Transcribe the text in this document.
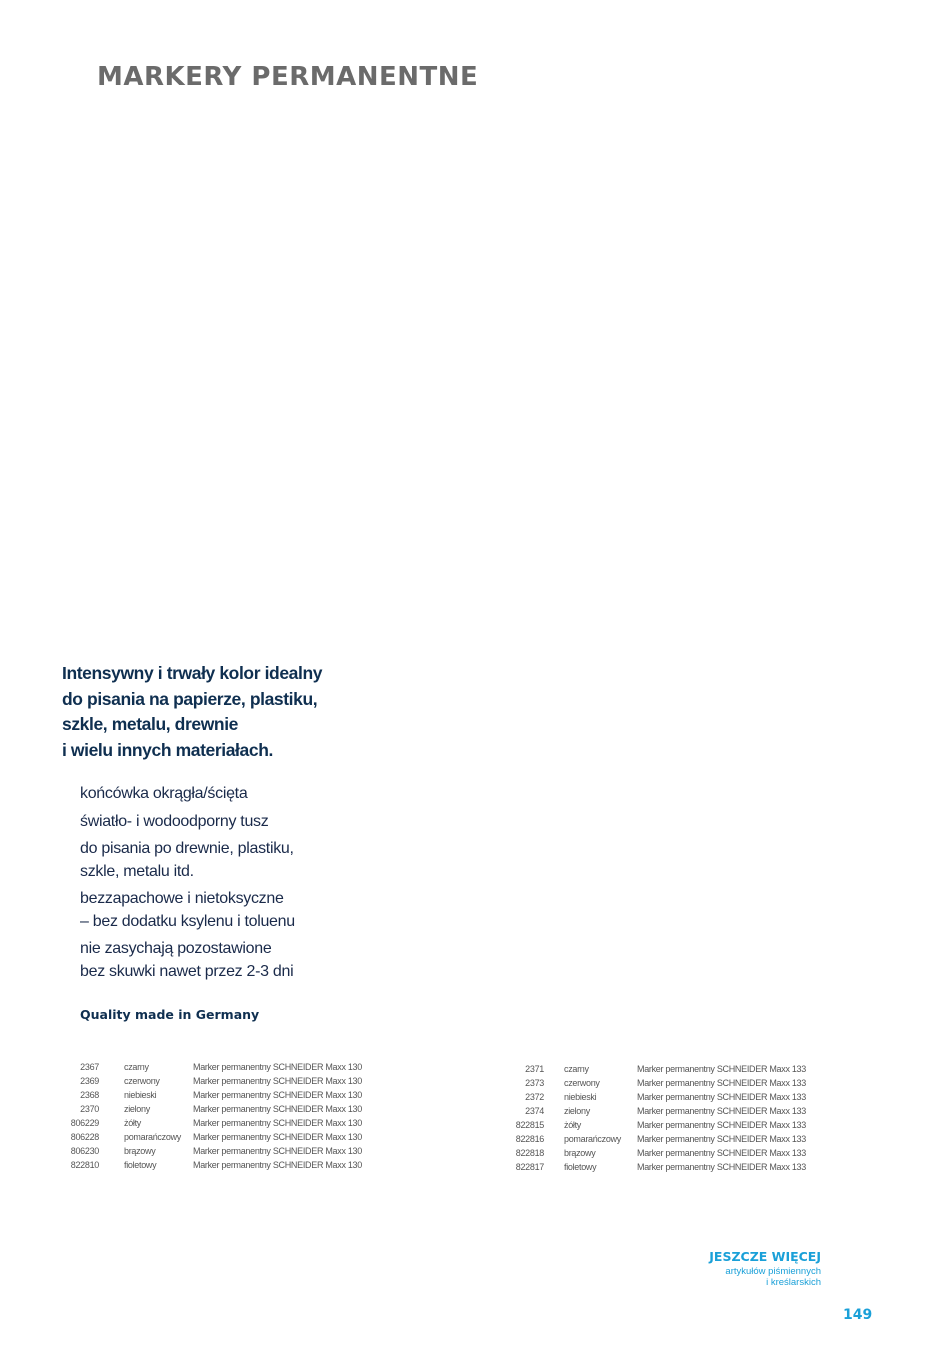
MARKERY PERMANENTNE
Intensywny i trwały kolor idealny
do pisania na papierze, plastiku,
szkle, metalu, drewnie
i wielu innych materiałach.
końcówka okrągła/ścięta
światło- i wodoodporny tusz
do pisania po drewnie, plastiku,
szkle, metalu itd.
bezzapachowe i nietoksyczne
– bez dodatku ksylenu i toluenu
nie zasychają pozostawione
bez skuwki nawet przez 2-3 dni
Quality made in Germany
2367	czarny	Marker permanentny SCHNEIDER Maxx 130
2369	czerwony	Marker permanentny SCHNEIDER Maxx 130
2368	niebieski	Marker permanentny SCHNEIDER Maxx 130
2370	zielony	Marker permanentny SCHNEIDER Maxx 130
806229	żółty	Marker permanentny SCHNEIDER Maxx 130
806228	pomarańczowy	Marker permanentny SCHNEIDER Maxx 130
806230	brązowy	Marker permanentny SCHNEIDER Maxx 130
822810	fioletowy	Marker permanentny SCHNEIDER Maxx 130
2371	czarny	Marker permanentny SCHNEIDER Maxx 133
2373	czerwony	Marker permanentny SCHNEIDER Maxx 133
2372	niebieski	Marker permanentny SCHNEIDER Maxx 133
2374	zielony	Marker permanentny SCHNEIDER Maxx 133
822815	żółty	Marker permanentny SCHNEIDER Maxx 133
822816	pomarańczowy	Marker permanentny SCHNEIDER Maxx 133
822818	brązowy	Marker permanentny SCHNEIDER Maxx 133
822817	fioletowy	Marker permanentny SCHNEIDER Maxx 133
JESZCZE WIĘCEJ
artykułów piśmiennych
i kreślarskich
149
